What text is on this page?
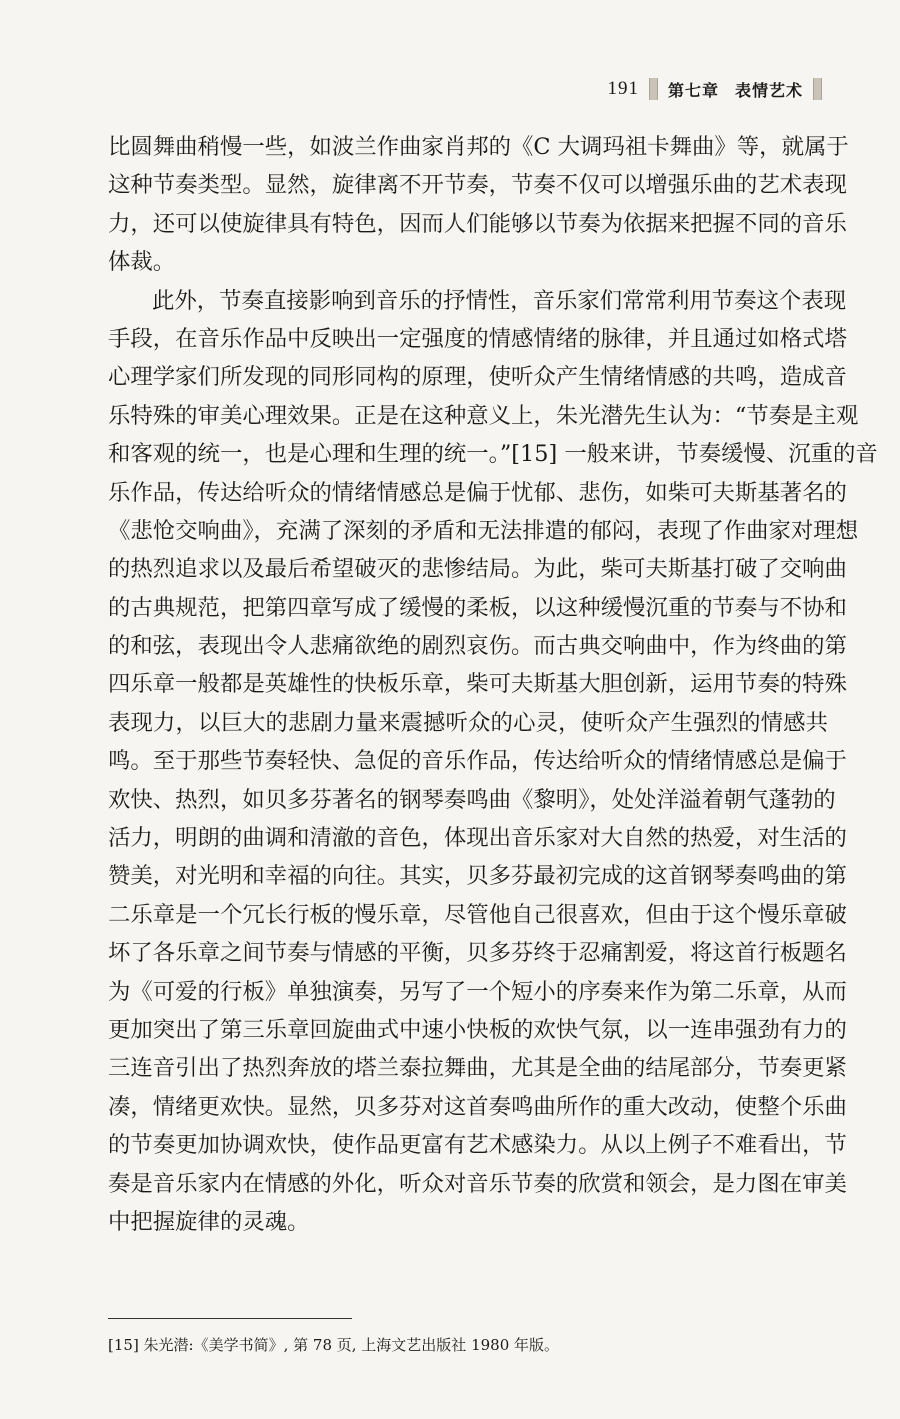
191 第七章 表情艺术
比圆舞曲稍慢一些，如波兰作曲家肖邦的《C 大调玛祖卡舞曲》等，就属于
这种节奏类型。显然，旋律离不开节奏，节奏不仅可以增强乐曲的艺术表现
力，还可以使旋律具有特色，因而人们能够以节奏为依据来把握不同的音乐
体裁。
此外，节奏直接影响到音乐的抒情性，音乐家们常常利用节奏这个表现
手段，在音乐作品中反映出一定强度的情感情绪的脉律，并且通过如格式塔
心理学家们所发现的同形同构的原理，使听众产生情绪情感的共鸣，造成音
乐特殊的审美心理效果。正是在这种意义上，朱光潜先生认为：“节奏是主观
和客观的统一，也是心理和生理的统一。”[15] 一般来讲，节奏缓慢、沉重的音
乐作品，传达给听众的情绪情感总是偏于忧郁、悲伤，如柴可夫斯基著名的
《悲怆交响曲》，充满了深刻的矛盾和无法排遣的郁闷，表现了作曲家对理想
的热烈追求以及最后希望破灭的悲惨结局。为此，柴可夫斯基打破了交响曲
的古典规范，把第四章写成了缓慢的柔板，以这种缓慢沉重的节奏与不协和
的和弦，表现出令人悲痛欲绝的剧烈哀伤。而古典交响曲中，作为终曲的第
四乐章一般都是英雄性的快板乐章，柴可夫斯基大胆创新，运用节奏的特殊
表现力，以巨大的悲剧力量来震撼听众的心灵，使听众产生强烈的情感共
鸣。至于那些节奏轻快、急促的音乐作品，传达给听众的情绪情感总是偏于
欢快、热烈，如贝多芬著名的钢琴奏鸣曲《黎明》，处处洋溢着朝气蓬勃的
活力，明朗的曲调和清澈的音色，体现出音乐家对大自然的热爱，对生活的
赞美，对光明和幸福的向往。其实，贝多芬最初完成的这首钢琴奏鸣曲的第
二乐章是一个冗长行板的慢乐章，尽管他自己很喜欢，但由于这个慢乐章破
坏了各乐章之间节奏与情感的平衡，贝多芬终于忍痛割爱，将这首行板题名
为《可爱的行板》单独演奏，另写了一个短小的序奏来作为第二乐章，从而
更加突出了第三乐章回旋曲式中速小快板的欢快气氛，以一连串强劲有力的
三连音引出了热烈奔放的塔兰泰拉舞曲，尤其是全曲的结尾部分，节奏更紧
凑，情绪更欢快。显然，贝多芬对这首奏鸣曲所作的重大改动，使整个乐曲
的节奏更加协调欢快，使作品更富有艺术感染力。从以上例子不难看出，节
奏是音乐家内在情感的外化，听众对音乐节奏的欣赏和领会，是力图在审美
中把握旋律的灵魂。
[15] 朱光潜:《美学书简》, 第 78 页, 上海文艺出版社 1980 年版。
